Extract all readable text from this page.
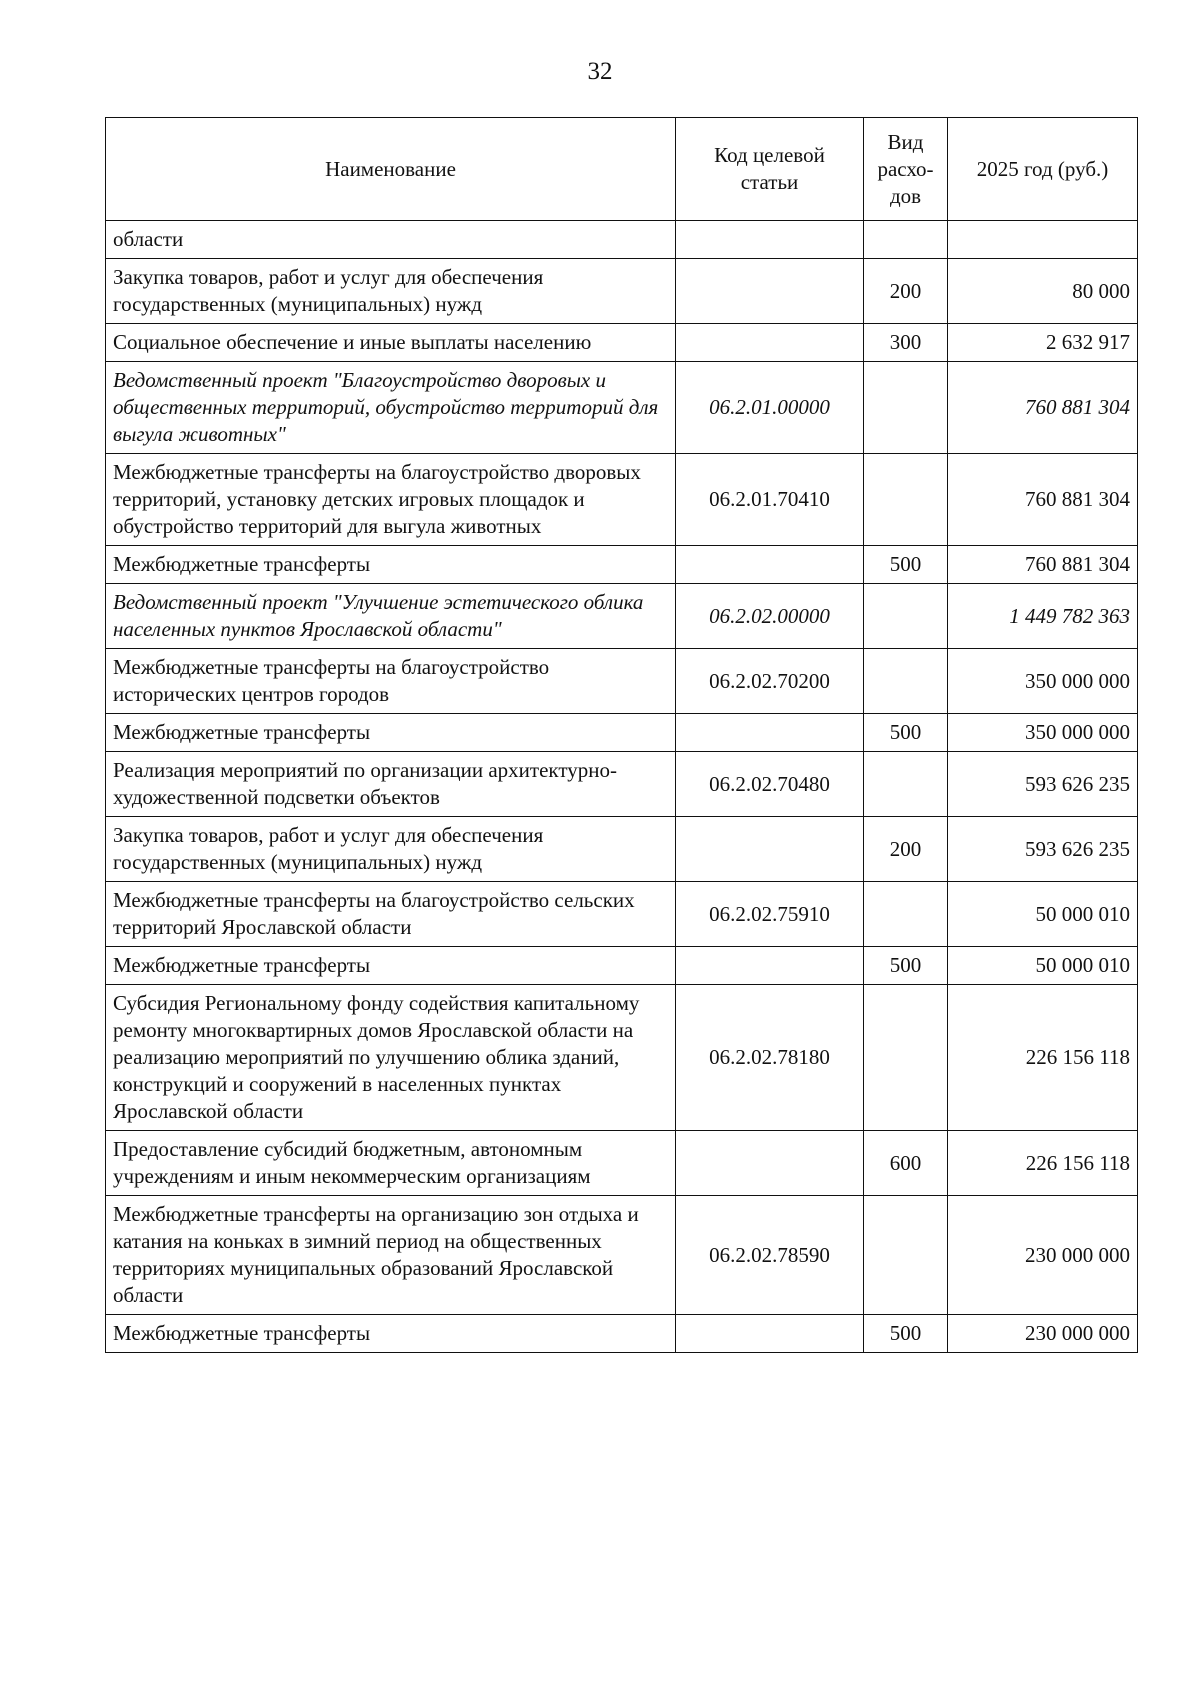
32
Наименование	Код целевой статьи	Вид расхо-дов	2025 год (руб.)
области			
Закупка товаров, работ и услуг для обеспечения государственных (муниципальных) нужд		200	80 000
Социальное обеспечение и иные выплаты населению		300	2 632 917
Ведомственный проект "Благоустройство дворовых и общественных территорий, обустройство территорий для выгула животных"	06.2.01.00000		760 881 304
Межбюджетные трансферты на благоустройство дворовых территорий, установку детских игровых площадок и обустройство территорий для выгула животных	06.2.01.70410		760 881 304
Межбюджетные трансферты		500	760 881 304
Ведомственный проект "Улучшение эстетического облика населенных пунктов Ярославской области"	06.2.02.00000		1 449 782 363
Межбюджетные трансферты на благоустройство исторических центров городов	06.2.02.70200		350 000 000
Межбюджетные трансферты		500	350 000 000
Реализация мероприятий по организации архитектурно-художественной подсветки объектов	06.2.02.70480		593 626 235
Закупка товаров, работ и услуг для обеспечения государственных (муниципальных) нужд		200	593 626 235
Межбюджетные трансферты на благоустройство сельских территорий Ярославской области	06.2.02.75910		50 000 010
Межбюджетные трансферты		500	50 000 010
Субсидия Региональному фонду содействия капитальному ремонту многоквартирных домов Ярославской области на реализацию мероприятий по улучшению облика зданий, конструкций и сооружений в населенных пунктах Ярославской области	06.2.02.78180		226 156 118
Предоставление субсидий бюджетным, автономным учреждениям и иным некоммерческим организациям		600	226 156 118
Межбюджетные трансферты на организацию зон отдыха и катания на коньках в зимний период на общественных территориях муниципальных образований Ярославской области	06.2.02.78590		230 000 000
Межбюджетные трансферты		500	230 000 000
